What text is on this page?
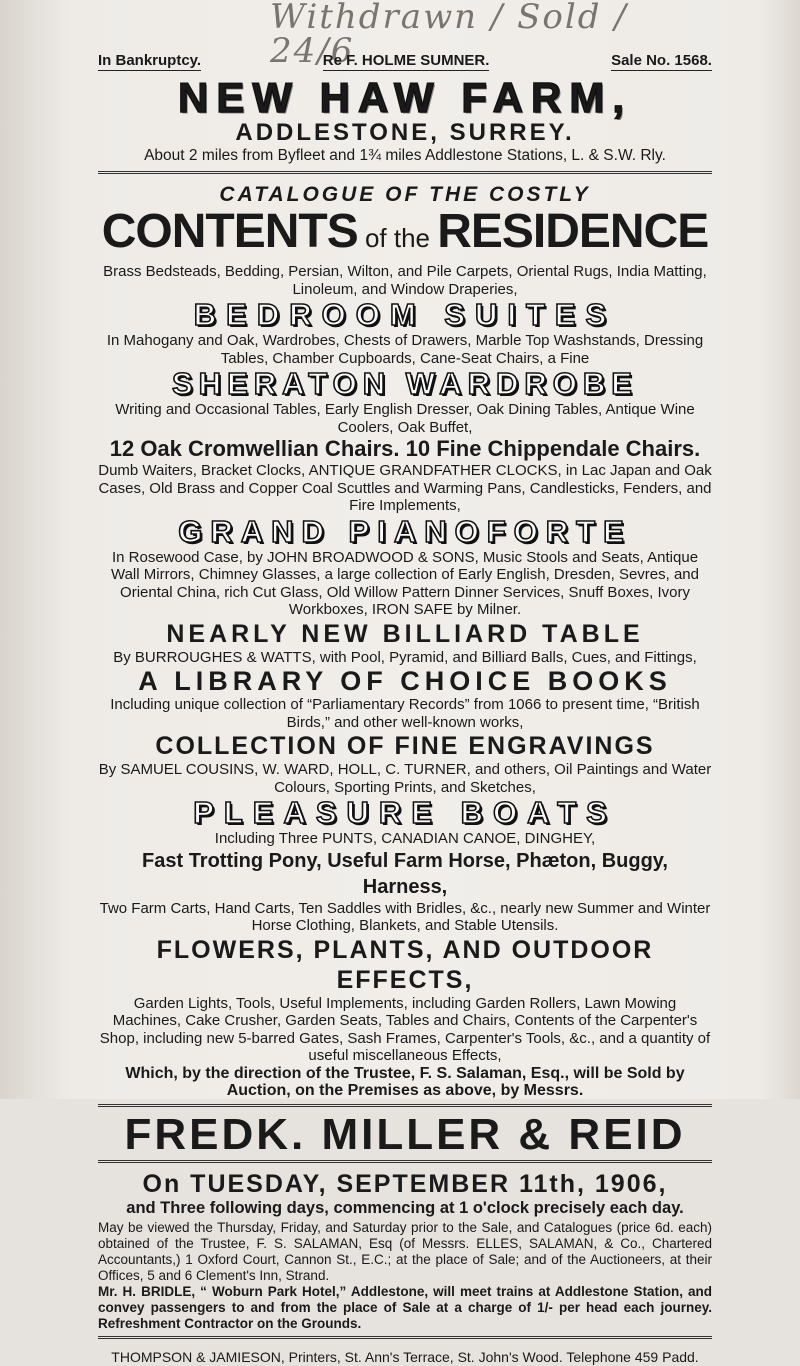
Withdrawn / Sold / 24/6
In Bankruptcy.	Re F. HOLME SUMNER.	Sale No. 1568.
NEW HAW FARM,
ADDLESTONE, SURREY.
About 2 miles from Byfleet and 1¾ miles Addlestone Stations, L. & S.W. Rly.
CATALOGUE OF THE COSTLY
CONTENTS of the RESIDENCE
Brass Bedsteads, Bedding, Persian, Wilton, and Pile Carpets, Oriental Rugs, India Matting, Linoleum, and Window Draperies,
BEDROOM SUITES
In Mahogany and Oak, Wardrobes, Chests of Drawers, Marble Top Washstands, Dressing Tables, Chamber Cupboards, Cane-Seat Chairs, a Fine
SHERATON WARDROBE
Writing and Occasional Tables, Early English Dresser, Oak Dining Tables, Antique Wine Coolers, Oak Buffet,
12 Oak Cromwellian Chairs. 10 Fine Chippendale Chairs.
Dumb Waiters, Bracket Clocks, ANTIQUE GRANDFATHER CLOCKS, in Lac Japan and Oak Cases, Old Brass and Copper Coal Scuttles and Warming Pans, Candlesticks, Fenders, and Fire Implements,
GRAND PIANOFORTE
In Rosewood Case, by JOHN BROADWOOD & SONS, Music Stools and Seats, Antique Wall Mirrors, Chimney Glasses, a large collection of Early English, Dresden, Sevres, and Oriental China, rich Cut Glass, Old Willow Pattern Dinner Services, Snuff Boxes, Ivory Workboxes, IRON SAFE by Milner.
NEARLY NEW BILLIARD TABLE
By BURROUGHES & WATTS, with Pool, Pyramid, and Billiard Balls, Cues, and Fittings,
A LIBRARY OF CHOICE BOOKS
Including unique collection of “Parliamentary Records” from 1066 to present time, “British Birds,” and other well-known works,
COLLECTION OF FINE ENGRAVINGS
By SAMUEL COUSINS, W. WARD, HOLL, C. TURNER, and others, Oil Paintings and Water Colours, Sporting Prints, and Sketches,
PLEASURE BOATS
Including Three PUNTS, CANADIAN CANOE, DINGHEY,
Fast Trotting Pony, Useful Farm Horse, Phæton, Buggy, Harness,
Two Farm Carts, Hand Carts, Ten Saddles with Bridles, &c., nearly new Summer and Winter Horse Clothing, Blankets, and Stable Utensils.
FLOWERS, PLANTS, AND OUTDOOR EFFECTS,
Garden Lights, Tools, Useful Implements, including Garden Rollers, Lawn Mowing Machines, Cake Crusher, Garden Seats, Tables and Chairs, Contents of the Carpenter's Shop, including new 5-barred Gates, Sash Frames, Carpenter's Tools, &c., and a quantity of useful miscellaneous Effects,
Which, by the direction of the Trustee, F. S. Salaman, Esq., will be Sold by Auction, on the Premises as above, by Messrs.
FREDK. MILLER & REID
On TUESDAY, SEPTEMBER 11th, 1906,
and Three following days, commencing at 1 o'clock precisely each day.
May be viewed the Thursday, Friday, and Saturday prior to the Sale, and Catalogues (price 6d. each) obtained of the Trustee, F. S. SALAMAN, Esq (of Messrs. ELLES, SALAMAN, & Co., Chartered Accountants,) 1 Oxford Court, Cannon St., E.C.; at the place of Sale; and of the Auctioneers, at their Offices, 5 and 6 Clement's Inn, Strand.
Mr. H. BRIDLE, “ Woburn Park Hotel,” Addlestone, will meet trains at Addlestone Station, and convey passengers to and from the place of Sale at a charge of 1/- per head each journey. Refreshment Contractor on the Grounds.
THOMPSON & JAMIESON, Printers, St. Ann's Terrace, St. John's Wood. Telephone 459 Padd.
